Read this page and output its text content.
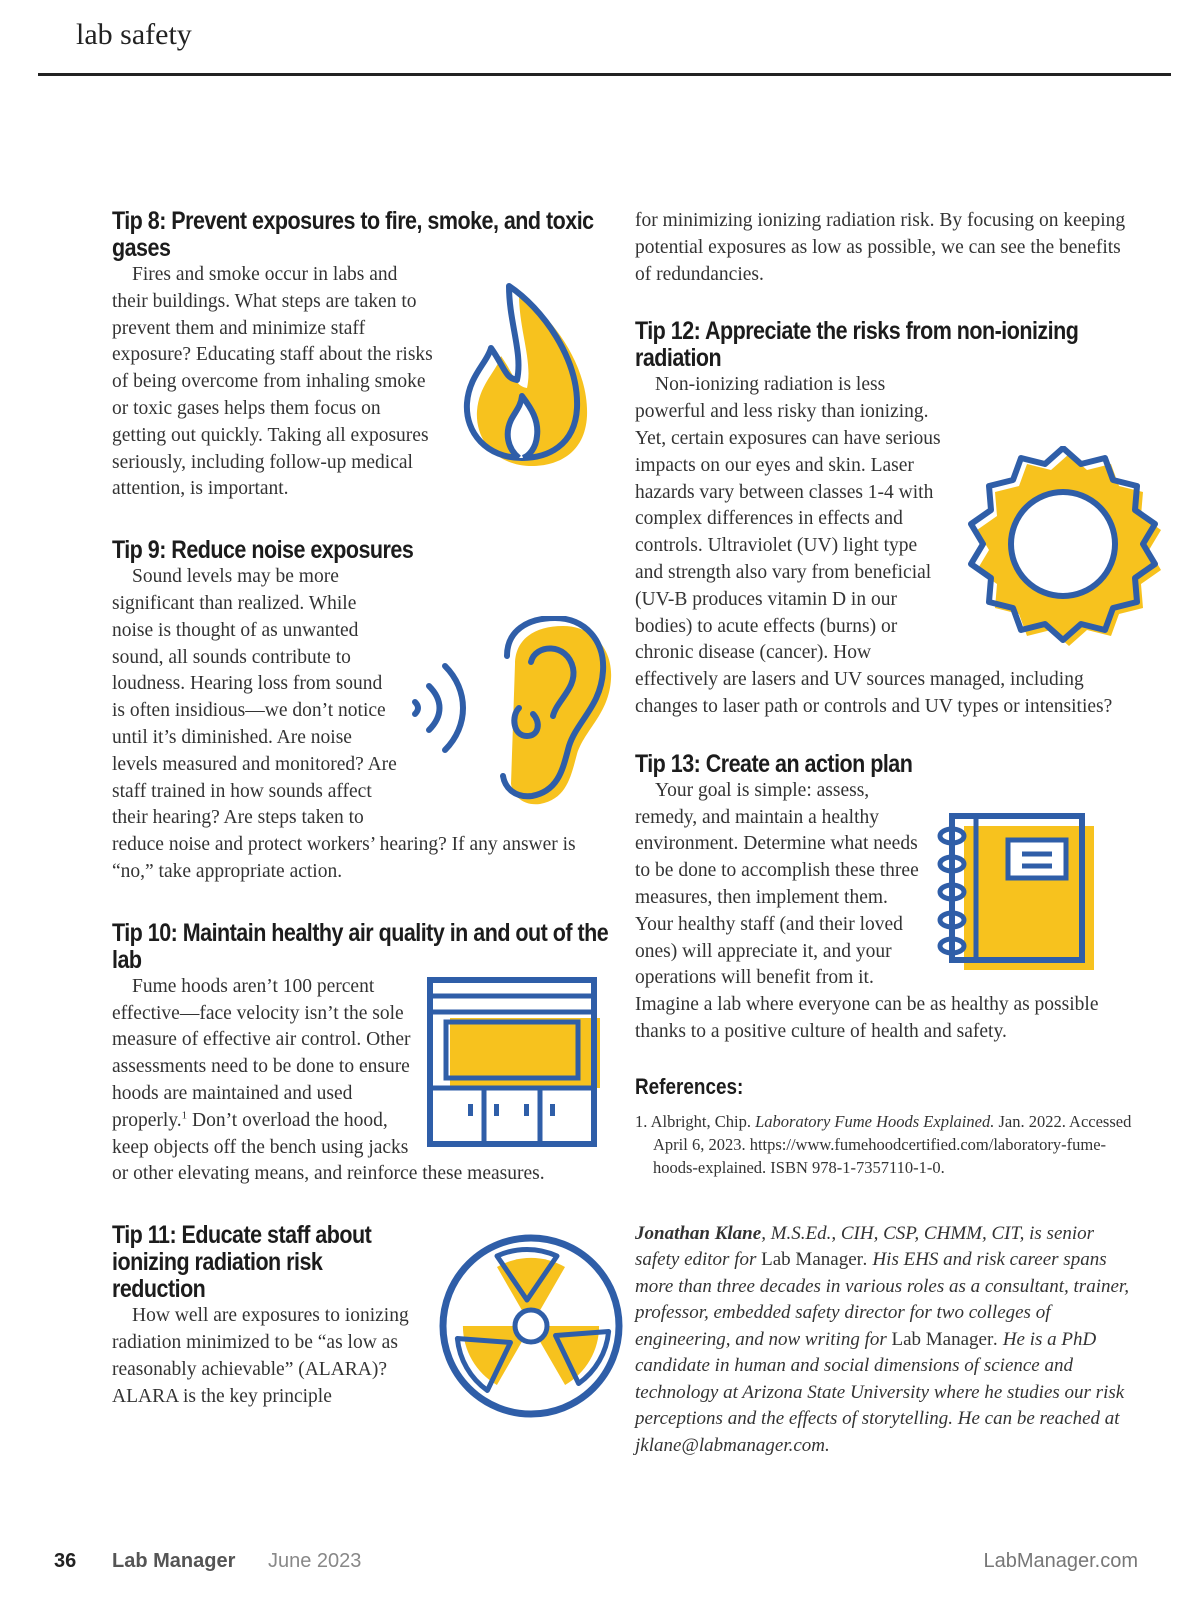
lab safety
Tip 8: Prevent exposures to fire, smoke, and toxic gases

Fires and smoke occur in labs and their buildings. What steps are taken to prevent them and minimize staff exposure? Educating staff about the risks of being overcome from inhaling smoke or toxic gases helps them focus on getting out quickly. Taking all exposures seriously, including follow-up medical attention, is important.

Tip 9: Reduce noise exposures

Sound levels may be more significant than realized. While noise is thought of as unwanted sound, all sounds contribute to loudness. Hearing loss from sound is often insidious—we don’t notice until it’s diminished. Are noise levels measured and monitored? Are staff trained in how sounds affect their hearing? Are steps taken to reduce noise and protect workers’ hearing? If any answer is “no,” take appropriate action.

Tip 10: Maintain healthy air quality in and out of the lab

Fume hoods aren’t 100 percent effective—face velocity isn’t the sole measure of effective air control. Other assessments need to be done to ensure hoods are maintained and used properly.$^1$ Don’t overload the hood, keep objects off the bench using jacks or other elevating means, and reinforce these measures.

Tip 11: Educate staff about ionizing radiation risk reduction

How well are exposures to ionizing radiation minimized to be “as low as reasonably achievable” (ALARA)? ALARA is the key principle

for minimizing ionizing radiation risk. By focusing on keeping potential exposures as low as possible, we can see the benefits of redundancies.

Tip 12: Appreciate the risks from non-ionizing radiation

Non-ionizing radiation is less powerful and less risky than ionizing. Yet, certain exposures can have serious impacts on our eyes and skin. Laser hazards vary between classes 1-4 with complex differences in effects and controls. Ultraviolet (UV) light type and strength also vary from beneficial (UV-B produces vitamin D in our bodies) to acute effects (burns) or chronic disease (cancer). How effectively are lasers and UV sources managed, including changes to laser path or controls and UV types or intensities?

Tip 13: Create an action plan

Your goal is simple: assess, remedy, and maintain a healthy environment. Determine what needs to be done to accomplish these three measures, then implement them. Your healthy staff (and their loved ones) will appreciate it, and your operations will benefit from it. Imagine a lab where everyone can be as healthy as possible thanks to a positive culture of health and safety.

References:

1. Albright, Chip. Laboratory Fume Hoods Explained. Jan. 2022. Accessed April 6, 2023. https://www.fumehoodcertified.com/laboratory-fume-hoods-explained. ISBN 978-1-7357110-1-0.

Jonathan Klane, M.S.Ed., CIH, CSP, CHMM, CIT, is senior safety editor for Lab Manager. His EHS and risk career spans more than three decades in various roles as a consultant, trainer, professor, embedded safety director for two colleges of engineering, and now writing for Lab Manager. He is a PhD candidate in human and social dimensions of science and technology at Arizona State University where he studies our risk perceptions and the effects of storytelling. He can be reached at jklane@labmanager.com.

36 Lab Manager June 2023	LabManager.com
